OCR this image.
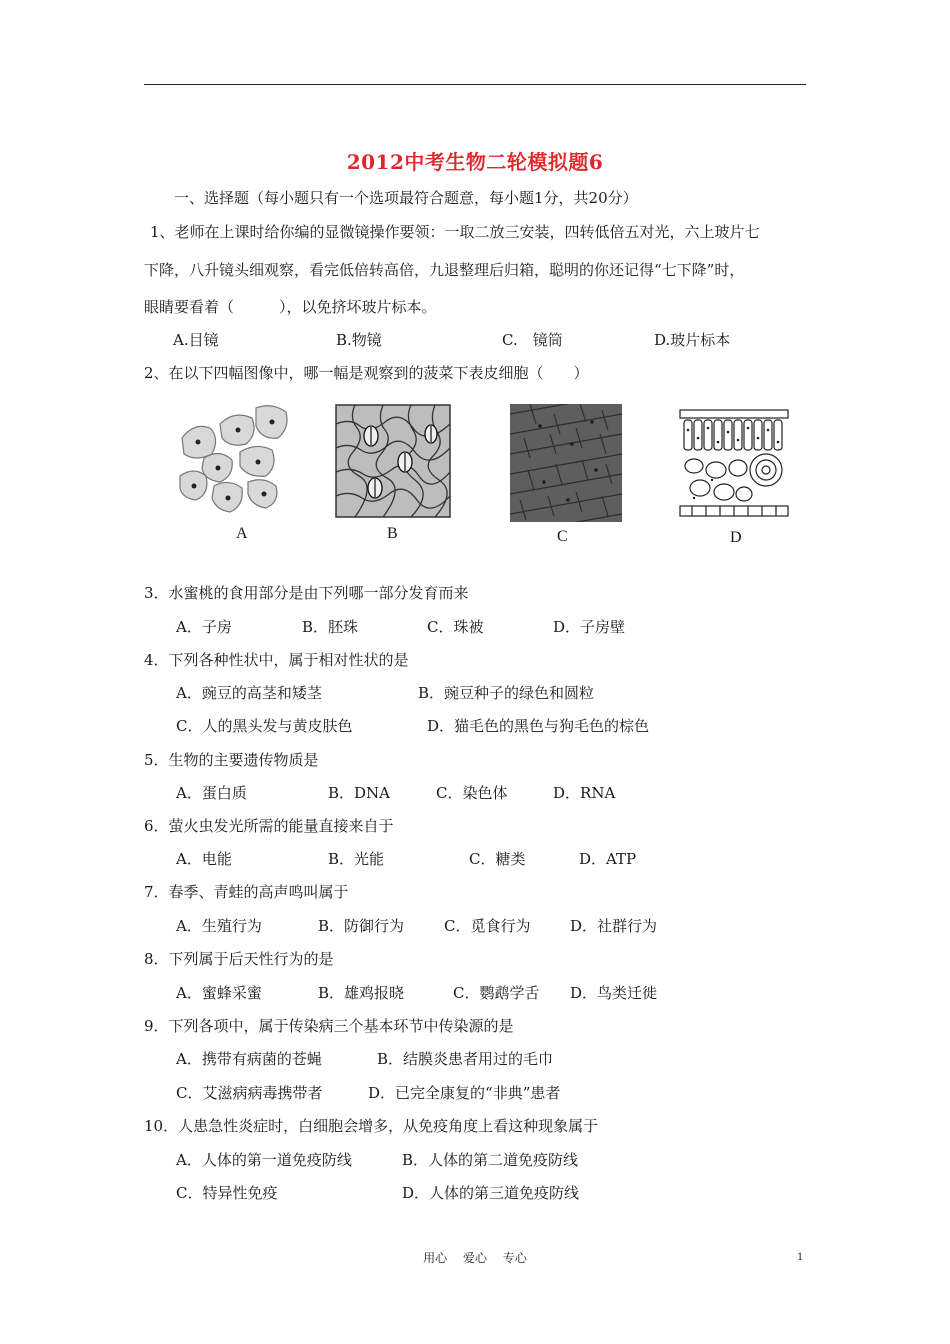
2012中考生物二轮模拟题6
一、选择题（每小题只有一个选项最符合题意，每小题1分，共20分）
1、老师在上课时给你编的显微镜操作要领：一取二放三安装，四转低倍五对光，六上玻片七
下降，八升镜头细观察，看完低倍转高倍，九退整理后归箱，聪明的你还记得“七下降”时，
眼睛要看着（　　　），以免挤坏玻片标本。
A.目镜	B.物镜	C.　镜筒	D.玻片标本
2、在以下四幅图像中，哪一幅是观察到的菠菜下表皮细胞（　　）
A	B	C	D
3．水蜜桃的食用部分是由下列哪一部分发育而来
A．子房	B．胚珠	C．珠被	D．子房壁
4．下列各种性状中，属于相对性状的是
A．豌豆的高茎和矮茎	B．豌豆种子的绿色和圆粒
C．人的黑头发与黄皮肤色	D．猫毛色的黑色与狗毛色的棕色
5．生物的主要遗传物质是
A．蛋白质	B．DNA	C．染色体	D．RNA
6．萤火虫发光所需的能量直接来自于
A．电能	B．光能	C．糖类	D．ATP
7．春季、青蛙的高声鸣叫属于
A．生殖行为	B．防御行为	C．觅食行为	D．社群行为
8．下列属于后天性行为的是
A．蜜蜂采蜜	B．雄鸡报晓	C．鹦鹉学舌 D．鸟类迁徙
9．下列各项中，属于传染病三个基本环节中传染源的是
A．携带有病菌的苍蝇	B．结膜炎患者用过的毛巾
C．艾滋病病毒携带者	D．已完全康复的“非典”患者
10．人患急性炎症时，白细胞会增多，从免疫角度上看这种现象属于
A．人体的第一道免疫防线	B．人体的第二道免疫防线
C．特异性免疫	D．人体的第三道免疫防线
用心 爱心 专心	1
